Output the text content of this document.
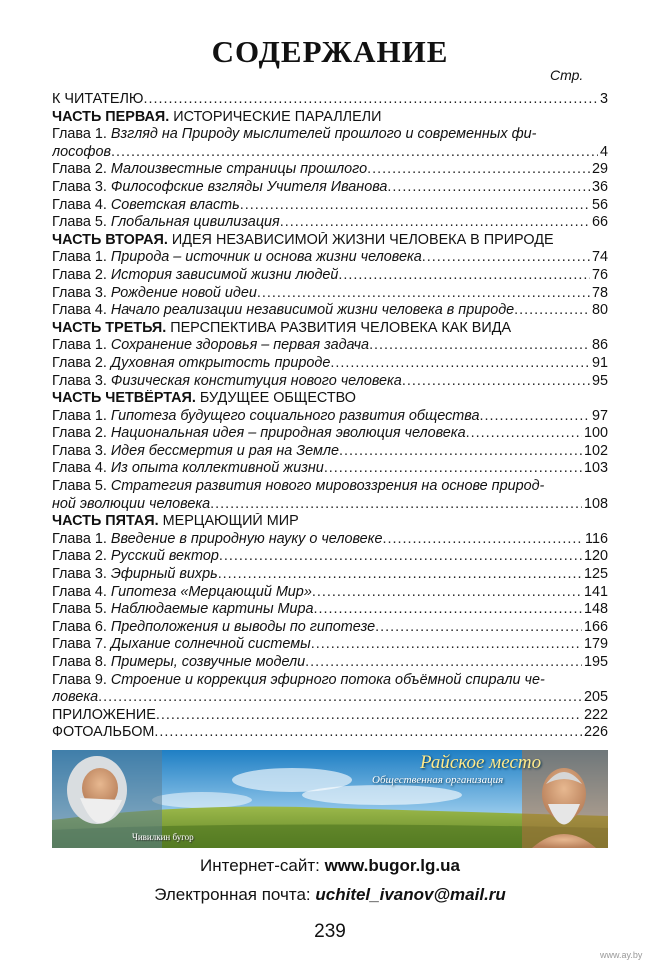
СОДЕРЖАНИЕ
Стр.
К ЧИТАТЕЛЮ .....	3
ЧАСТЬ ПЕРВАЯ. ИСТОРИЧЕСКИЕ ПАРАЛЛЕЛИ
Глава 1. Взгляд на Природу мыслителей прошлого и современных фи-
лософов .....	4
Глава 2. Малоизвестные страницы прошлого .....	29
Глава 3. Философские взгляды Учителя Иванова .....	36
Глава 4. Советская власть .....	56
Глава 5. Глобальная цивилизация .....	66
ЧАСТЬ ВТОРАЯ. ИДЕЯ НЕЗАВИСИМОЙ ЖИЗНИ ЧЕЛОВЕКА В ПРИРОДЕ
Глава 1. Природа – источник и основа жизни человека .....	74
Глава 2. История зависимой жизни людей .....	76
Глава 3. Рождение новой идеи .....	78
Глава 4. Начало реализации независимой жизни человека в природе .....	80
ЧАСТЬ ТРЕТЬЯ. ПЕРСПЕКТИВА РАЗВИТИЯ ЧЕЛОВЕКА КАК ВИДА
Глава 1. Сохранение здоровья – первая задача .....	86
Глава 2. Духовная открытость природе .....	91
Глава 3. Физическая конституция нового человека .....	95
ЧАСТЬ ЧЕТВЁРТАЯ. БУДУЩЕЕ ОБЩЕСТВО
Глава 1. Гипотеза будущего социального развития общества .....	97
Глава 2. Национальная идея – природная эволюция человека .....	100
Глава 3. Идея бессмертия и рая на Земле .....	102
Глава 4. Из опыта коллективной жизни .....	103
Глава 5. Стратегия развития нового мировоззрения на основе природ-
ной эволюции человека .....	108
ЧАСТЬ ПЯТАЯ. МЕРЦАЮЩИЙ МИР
Глава 1. Введение в природную науку о человеке .....	116
Глава 2. Русский вектор .....	120
Глава 3. Эфирный вихрь .....	125
Глава 4. Гипотеза «Мерцающий Мир» .....	141
Глава 5. Наблюдаемые картины Мира .....	148
Глава 6. Предположения и выводы по гипотезе .....	166
Глава 7. Дыхание солнечной системы .....	179
Глава 8. Примеры, созвучные модели .....	195
Глава 9. Строение и коррекция эфирного потока объёмной спирали че-
ловека .....	205
ПРИЛОЖЕНИЕ .....	222
ФОТОАЛЬБОМ .....	226
Райское место
Общественная организация
Чивилкин бугор
Интернет-сайт: www.bugor.lg.ua
Электронная почта: uchitel_ivanov@mail.ru
239
www.ay.by
